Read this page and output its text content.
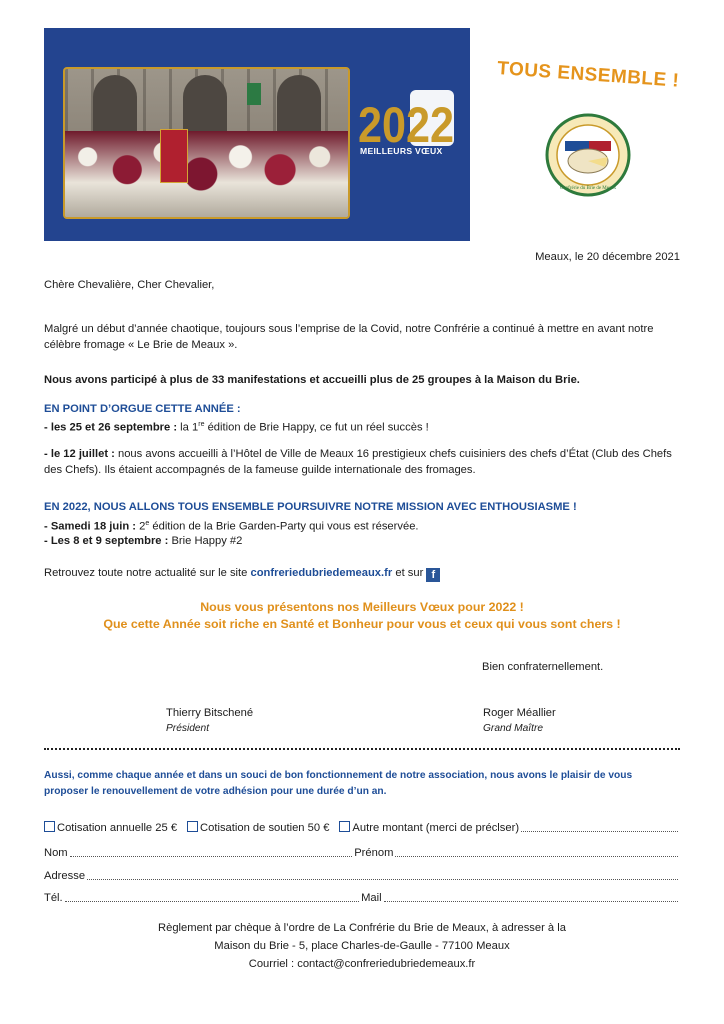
2022
MEILLEURS VŒUX
TOUS ENSEMBLE !
Confrérie du Brie de Meaux
Meaux, le 20 décembre 2021
Chère Chevalière, Cher Chevalier,
Malgré un début d’année chaotique, toujours sous l’emprise de la Covid, notre Confrérie a continué à mettre en avant notre célèbre fromage « Le Brie de Meaux ».
Nous avons participé à plus de 33 manifestations et accueilli plus de 25 groupes à la Maison du Brie.
EN POINT D’ORGUE CETTE ANNÉE :
- les 25 et 26 septembre : la 1re édition de Brie Happy, ce fut un réel succès !
- le 12 juillet : nous avons accueilli à l’Hôtel de Ville de Meaux 16 prestigieux chefs cuisiniers des chefs d’État (Club des Chefs des Chefs). Ils étaient accompagnés de la fameuse guilde internationale des fromages.
EN 2022, NOUS ALLONS TOUS ENSEMBLE POURSUIVRE NOTRE MISSION AVEC ENTHOUSIASME !
- Samedi 18 juin : 2e édition de la Brie Garden-Party qui vous est réservée.
- Les 8 et 9 septembre : Brie Happy #2
Retrouvez toute notre actualité sur le site confreriedubriedemeaux.fr et sur f
Nous vous présentons nos Meilleurs Vœux pour 2022 !
Que cette Année soit riche en Santé et Bonheur pour vous et ceux qui vous sont chers !
Bien confraternellement.
Thierry Bitschené
Président
Roger Méallier
Grand Maître
Aussi, comme chaque année et dans un souci de bon fonctionnement de notre association, nous avons le plaisir de vous proposer le renouvellement de votre adhésion pour une durée d’un an.
Cotisation annuelle 25 €	Cotisation de soutien 50 €	Autre montant (merci de préclser)
Nom	Prénom
Adresse
Tél.	Mail
Règlement par chèque à l’ordre de La Confrérie du Brie de Meaux, à adresser à la
Maison du Brie - 5, place Charles-de-Gaulle - 77100 Meaux
Courriel : contact@confreriedubriedemeaux.fr
